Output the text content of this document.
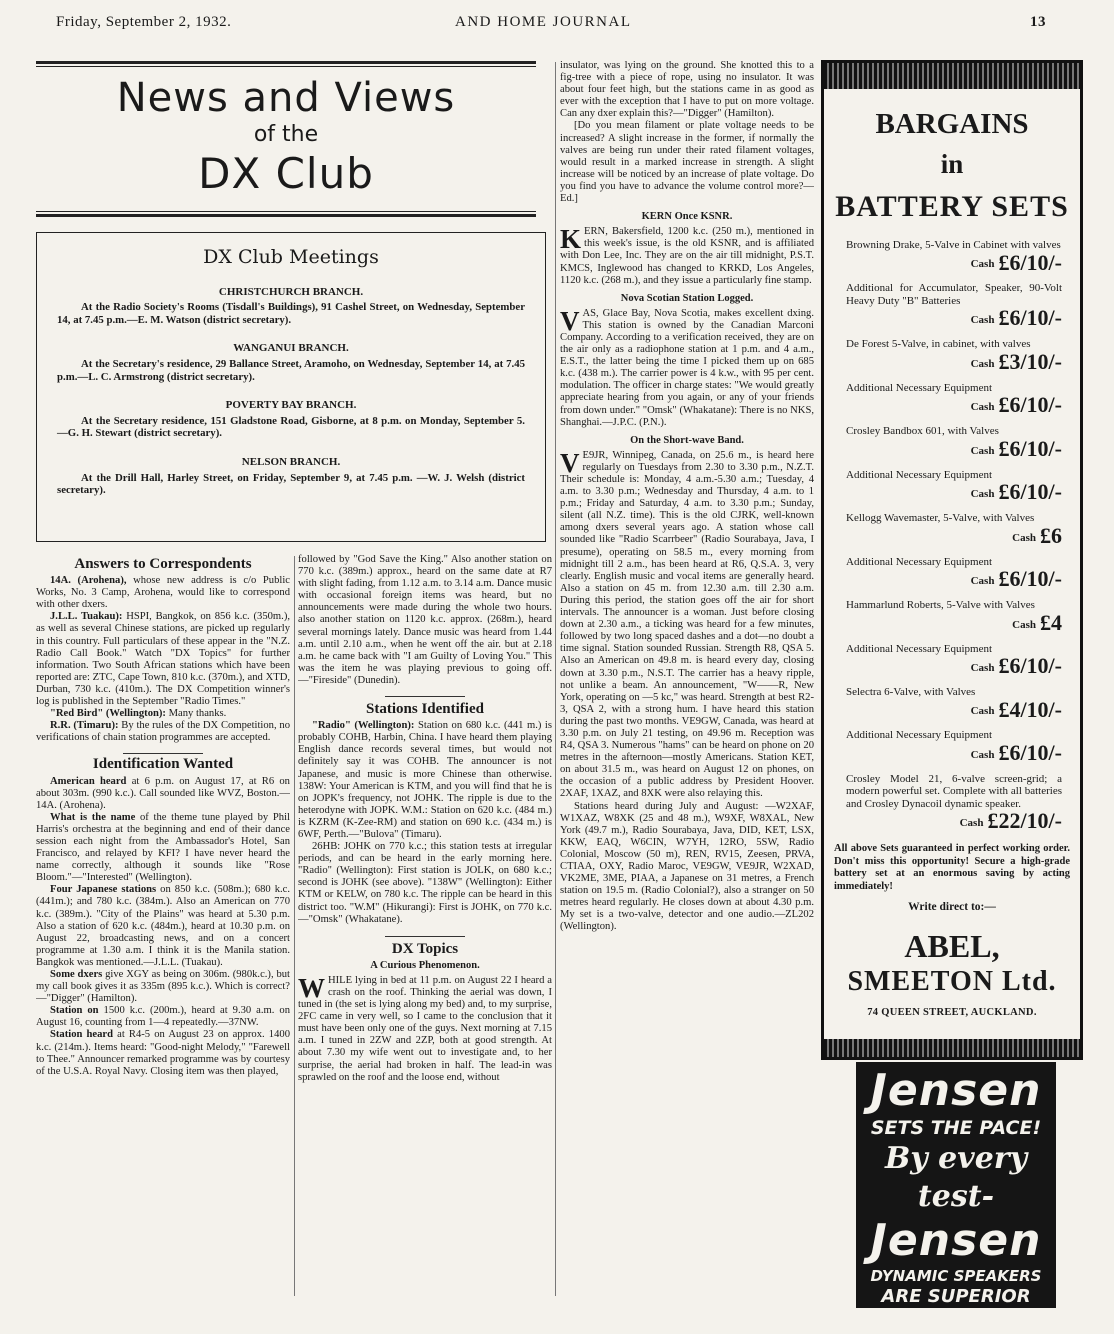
Friday, September 2, 1932.	AND HOME JOURNAL	13
News and Views
of the
DX Club
DX Club Meetings
CHRISTCHURCH BRANCH.

At the Radio Society's Rooms (Tisdall's Buildings), 91 Cashel Street, on Wednesday, September 14, at 7.45 p.m.—E. M. Watson (district secretary).

WANGANUI BRANCH.

At the Secretary's residence, 29 Ballance Street, Aramoho, on Wednesday, September 14, at 7.45 p.m.—L. C. Armstrong (district secretary).

POVERTY BAY BRANCH.

At the Secretary residence, 151 Gladstone Road, Gisborne, at 8 p.m. on Monday, September 5.—G. H. Stewart (district secretary).

NELSON BRANCH.

At the Drill Hall, Harley Street, on Friday, September 9, at 7.45 p.m. —W. J. Welsh (district secretary).

Answers to Correspondents

14A. (Arohena), whose new address is c/o Public Works, No. 3 Camp, Arohena, would like to correspond with other dxers.

J.L.L. Tuakau): HSPI, Bangkok, on 856 k.c. (350m.), as well as several Chinese stations, are picked up regularly in this country. Full particulars of these appear in the "N.Z. Radio Call Book." Watch "DX Topics" for further information. Two South African stations which have been reported are: ZTC, Cape Town, 810 k.c. (370m.), and XTD, Durban, 730 k.c. (410m.). The DX Competition winner's log is published in the September "Radio Times."

"Red Bird" (Wellington): Many thanks.

R.R. (Timaru): By the rules of the DX Competition, no verifications of chain station programmes are accepted.

Identification Wanted

American heard at 6 p.m. on August 17, at R6 on about 303m. (990 k.c.). Call sounded like WVZ, Boston.—14A. (Arohena).

What is the name of the theme tune played by Phil Harris's orchestra at the beginning and end of their dance session each night from the Ambassador's Hotel, San Francisco, and relayed by KFI? I have never heard the name correctly, although it sounds like "Rose Bloom."—"Interested" (Wellington).

Four Japanese stations on 850 k.c. (508m.); 680 k.c. (441m.); and 780 k.c. (384m.). Also an American on 770 k.c. (389m.). "City of the Plains" was heard at 5.30 p.m. Also a station of 620 k.c. (484m.), heard at 10.30 p.m. on August 22, broadcasting news, and on a concert programme at 1.30 a.m. I think it is the Manila station. Bangkok was mentioned.—J.L.L. (Tuakau).

Some dxers give XGY as being on 306m. (980k.c.), but my call book gives it as 335m (895 k.c.). Which is correct? —"Digger" (Hamilton).

Station on 1500 k.c. (200m.), heard at 9.30 a.m. on August 16, counting from 1—4 repeatedly.—37NW.

Station heard at R4-5 on August 23 on approx. 1400 k.c. (214m.). Items heard: "Good-night Melody," "Farewell to Thee." Announcer remarked programme was by courtesy of the U.S.A. Royal Navy. Closing item was then played,

followed by "God Save the King." Also another station on 770 k.c. (389m.) approx., heard on the same date at R7 with slight fading, from 1.12 a.m. to 3.14 a.m. Dance music with occasional foreign items was heard, but no announcements were made during the whole two hours. also another station on 1120 k.c. approx. (268m.), heard several mornings lately. Dance music was heard from 1.44 a.m. until 2.10 a.m., when he went off the air. but at 2.18 a.m. he came back with "I am Guilty of Loving You." This was the item he was playing previous to going off.—"Fireside" (Dunedin).

Stations Identified

"Radio" (Wellington): Station on 680 k.c. (441 m.) is probably COHB, Harbin, China. I have heard them playing English dance records several times, but would not definitely say it was COHB. The announcer is not Japanese, and music is more Chinese than otherwise. 138W: Your American is KTM, and you will find that he is on JOPK's frequency, not JOHK. The ripple is due to the heterodyne with JOPK. W.M.: Station on 620 k.c. (484 m.) is KZRM (K-Zee-RM) and station on 690 k.c. (434 m.) is 6WF, Perth.—"Bulova" (Timaru).

26HB: JOHK on 770 k.c.; this station tests at irregular periods, and can be heard in the early morning here. "Radio" (Wellington): First station is JOLK, on 680 k.c.; second is JOHK (see above). "138W" (Wellington): Either KTM or KELW, on 780 k.c. The ripple can be heard in this district too. "W.M" (Hikurangi): First is JOHK, on 770 k.c.—"Omsk" (Whakatane).

DX Topics
A Curious Phenomenon.

WHILE lying in bed at 11 p.m. on August 22 I heard a crash on the roof. Thinking the aerial was down, I tuned in (the set is lying along my bed) and, to my surprise, 2FC came in very well, so I came to the conclusion that it must have been only one of the guys. Next morning at 7.15 a.m. I tuned in 2ZW and 2ZP, both at good strength. At about 7.30 my wife went out to investigate and, to her surprise, the aerial had broken in half. The lead-in was sprawled on the roof and the loose end, without

insulator, was lying on the ground. She knotted this to a fig-tree with a piece of rope, using no insulator. It was about four feet high, but the stations came in as good as ever with the exception that I have to put on more voltage. Can any dxer explain this?—"Digger" (Hamilton).

[Do you mean filament or plate voltage needs to be increased? A slight increase in the former, if normally the valves are being run under their rated filament voltages, would result in a marked increase in strength. A slight increase will be noticed by an increase of plate voltage. Do you find you have to advance the volume control more?—Ed.]

KERN Once KSNR.

KERN, Bakersfield, 1200 k.c. (250 m.), mentioned in this week's issue, is the old KSNR, and is affiliated with Don Lee, Inc. They are on the air till midnight, P.S.T. KMCS, Inglewood has changed to KRKD, Los Angeles, 1120 k.c. (268 m.), and they issue a particularly fine stamp.

Nova Scotian Station Logged.

VAS, Glace Bay, Nova Scotia, makes excellent dxing. This station is owned by the Canadian Marconi Company. According to a verification received, they are on the air only as a radiophone station at 1 p.m. and 4 a.m., E.S.T., the latter being the time I picked them up on 685 k.c. (438 m.). The carrier power is 4 k.w., with 95 per cent. modulation. The officer in charge states: "We would greatly appreciate hearing from you again, or any of your friends from down under." "Omsk" (Whakatane): There is no NKS, Shanghai.—J.P.C. (P.N.).

On the Short-wave Band.

V E9JR, Winnipeg, Canada, on 25.6 m., is heard here regularly on Tuesdays from 2.30 to 3.30 p.m., N.Z.T. Their schedule is: Monday, 4 a.m.-5.30 a.m.; Tuesday, 4 a.m. to 3.30 p.m.; Wednesday and Thursday, 4 a.m. to 1 p.m.; Friday and Saturday, 4 a.m. to 3.30 p.m.; Sunday, silent (all N.Z. time). This is the old CJRK, well-known among dxers several years ago. A station whose call sounded like "Radio Scarrbeer" (Radio Sourabaya, Java, I presume), operating on 58.5 m., every morning from midnight till 2 a.m., has been heard at R6, Q.S.A. 3, very clearly. English music and vocal items are generally heard. Also a station on 45 m. from 12.30 a.m. till 2.30 a.m. During this period, the station goes off the air for short intervals. The announcer is a woman. Just before closing down at 2.30 a.m., a ticking was heard for a few minutes, followed by two long spaced dashes and a dot—no doubt a time signal. Station sounded Russian. Strength R8, QSA 5. Also an American on 49.8 m. is heard every day, closing down at 3.30 p.m., N.S.T. The carrier has a heavy ripple, not unlike a beam. An announcement, "W——R, New York, operating on —5 kc," was heard. Strength at best R2-3, QSA 2, with a strong hum. I have heard this station during the past two months. VE9GW, Canada, was heard at 3.30 p.m. on July 21 testing, on 49.96 m. Reception was R4, QSA 3. Numerous "hams" can be heard on phone on 20 metres in the afternoon—mostly Americans. Station KET, on about 31.5 m., was heard on August 12 on phones, on the occasion of a public address by President Hoover. 2XAF, 1XAZ, and 8XK were also relaying this.

Stations heard during July and August: —W2XAF, W1XAZ, W8XK (25 and 48 m.), W9XF, W8XAL, New York (49.7 m.), Radio Sourabaya, Java, DID, KET, LSX, KKW, EAQ, W6CIN, W7YH, 12RO, 5SW, Radio Colonial, Moscow (50 m), REN, RV15, Zeesen, PRVA, CTIAA, OXY, Radio Maroc, VE9GW, VE9JR, W2XAD, VK2ME, 3ME, PIAA, a Japanese on 31 metres, a French station on 19.5 m. (Radio Colonial?), also a stranger on 50 metres heard regularly. He closes down at about 4.30 p.m. My set is a two-valve, detector and one audio.—ZL202 (Wellington).

BARGAINS
in
BATTERY SETS
Browning Drake, 5-Valve in Cabinet with valves
Cash £6/10/-
Additional for Accumulator, Speaker, 90-Volt Heavy Duty "B" Batteries
Cash £6/10/-
De Forest 5-Valve, in cabinet, with valves
Cash £3/10/-
Additional Necessary Equipment
Cash £6/10/-
Crosley Bandbox 601, with Valves
Cash £6/10/-
Additional Necessary Equipment
Cash £6/10/-
Kellogg Wavemaster, 5-Valve, with Valves
Cash £6
Additional Necessary Equipment
Cash £6/10/-
Hammarlund Roberts, 5-Valve with Valves
Cash £4
Additional Necessary Equipment
Cash £6/10/-
Selectra 6-Valve, with Valves
Cash £4/10/-
Additional Necessary Equipment
Cash £6/10/-
Crosley Model 21, 6-valve screen-grid; a modern powerful set. Complete with all batteries and Crosley Dynacoil dynamic speaker.
Cash £22/10/-
All above Sets guaranteed in perfect working order. Don't miss this opportunity! Secure a high-grade battery set at an enormous saving by acting immediately!
Write direct to:—
ABEL,
SMEETON Ltd.
74 QUEEN STREET, AUCKLAND.
Jensen
SETS THE PACE!
By every test-
Jensen
DYNAMIC SPEAKERS
ARE SUPERIOR
